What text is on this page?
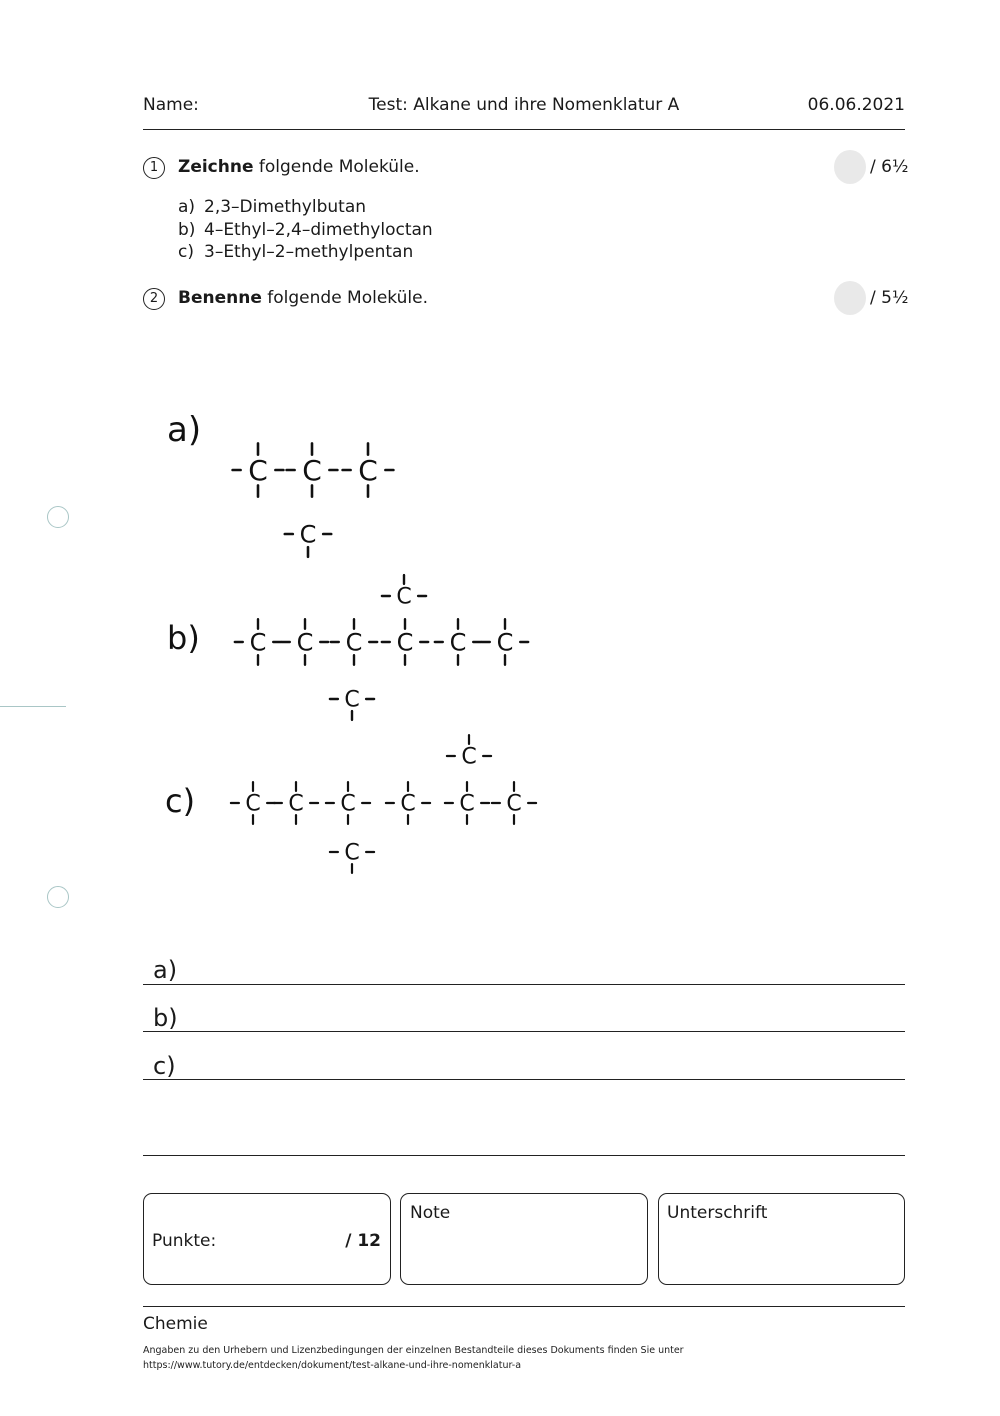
Name:	Test: Alkane und ihre Nomenklatur A	06.06.2021
1	Zeichne folgende Moleküle.	/ 6½
a) 2,3–Dimethylbutan
b) 4–Ethyl–2,4–dimethyloctan
c) 3–Ethyl–2–methylpentan
2	Benenne folgende Moleküle.	/ 5½
a)
C C C
C
b) C C C C C C
C
C
c) C C C C C C
C
C
a)
b)
c)
Punkte:	/ 12
Note	Unterschrift
Chemie
Angaben zu den Urhebern und Lizenzbedingungen der einzelnen Bestandteile dieses Dokuments finden Sie unter
https://www.tutory.de/entdecken/dokument/test-alkane-und-ihre-nomenklatur-a
